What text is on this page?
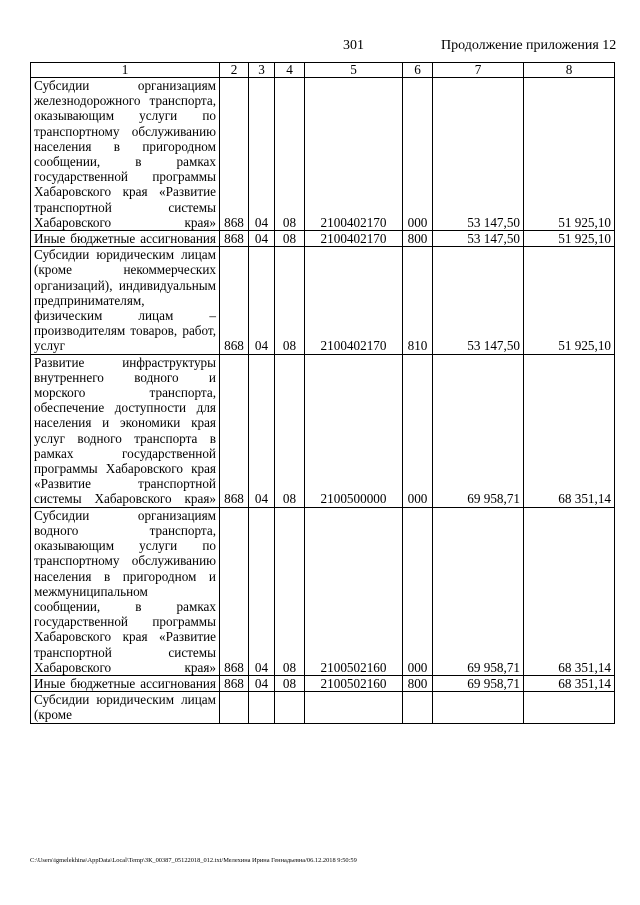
301	Продолжение приложения 12
1	2	3	4	5	6	7	8
Субсидии организациям железнодорожного транспорта, оказывающим услуги по транспортному обслуживанию населения в пригородном сообщении, в рамках государственной программы Хабаровского края «Развитие транспортной системы Хабаровского края»	868	04	08	2100402170	000	53 147,50	51 925,10
Иные бюджетные ассигнования	868	04	08	2100402170	800	53 147,50	51 925,10
Субсидии юридическим лицам (кроме некоммерческих организаций), индивидуальным предпринимателям, физическим лицам – производителям товаров, работ, услуг	868	04	08	2100402170	810	53 147,50	51 925,10
Развитие инфраструктуры внутреннего водного и морского транспорта, обеспечение доступности для населения и экономики края услуг водного транспорта в рамках государственной программы Хабаровского края «Развитие транспортной системы Хабаровского края»	868	04	08	2100500000	000	69 958,71	68 351,14
Субсидии организациям водного транспорта, оказывающим услуги по транспортному обслуживанию населения в пригородном и межмуниципальном сообщении, в рамках государственной программы Хабаровского края «Развитие транспортной системы Хабаровского края»	868	04	08	2100502160	000	69 958,71	68 351,14
Иные бюджетные ассигнования	868	04	08	2100502160	800	69 958,71	68 351,14
Субсидии юридическим лицам (кроме							
C:\Users\igmelekhina\AppData\Local\Temp\ЗК_00387_05122018_012.txt/Мелехина Ирина Геннадьевна/06.12.2018 9:50:59
